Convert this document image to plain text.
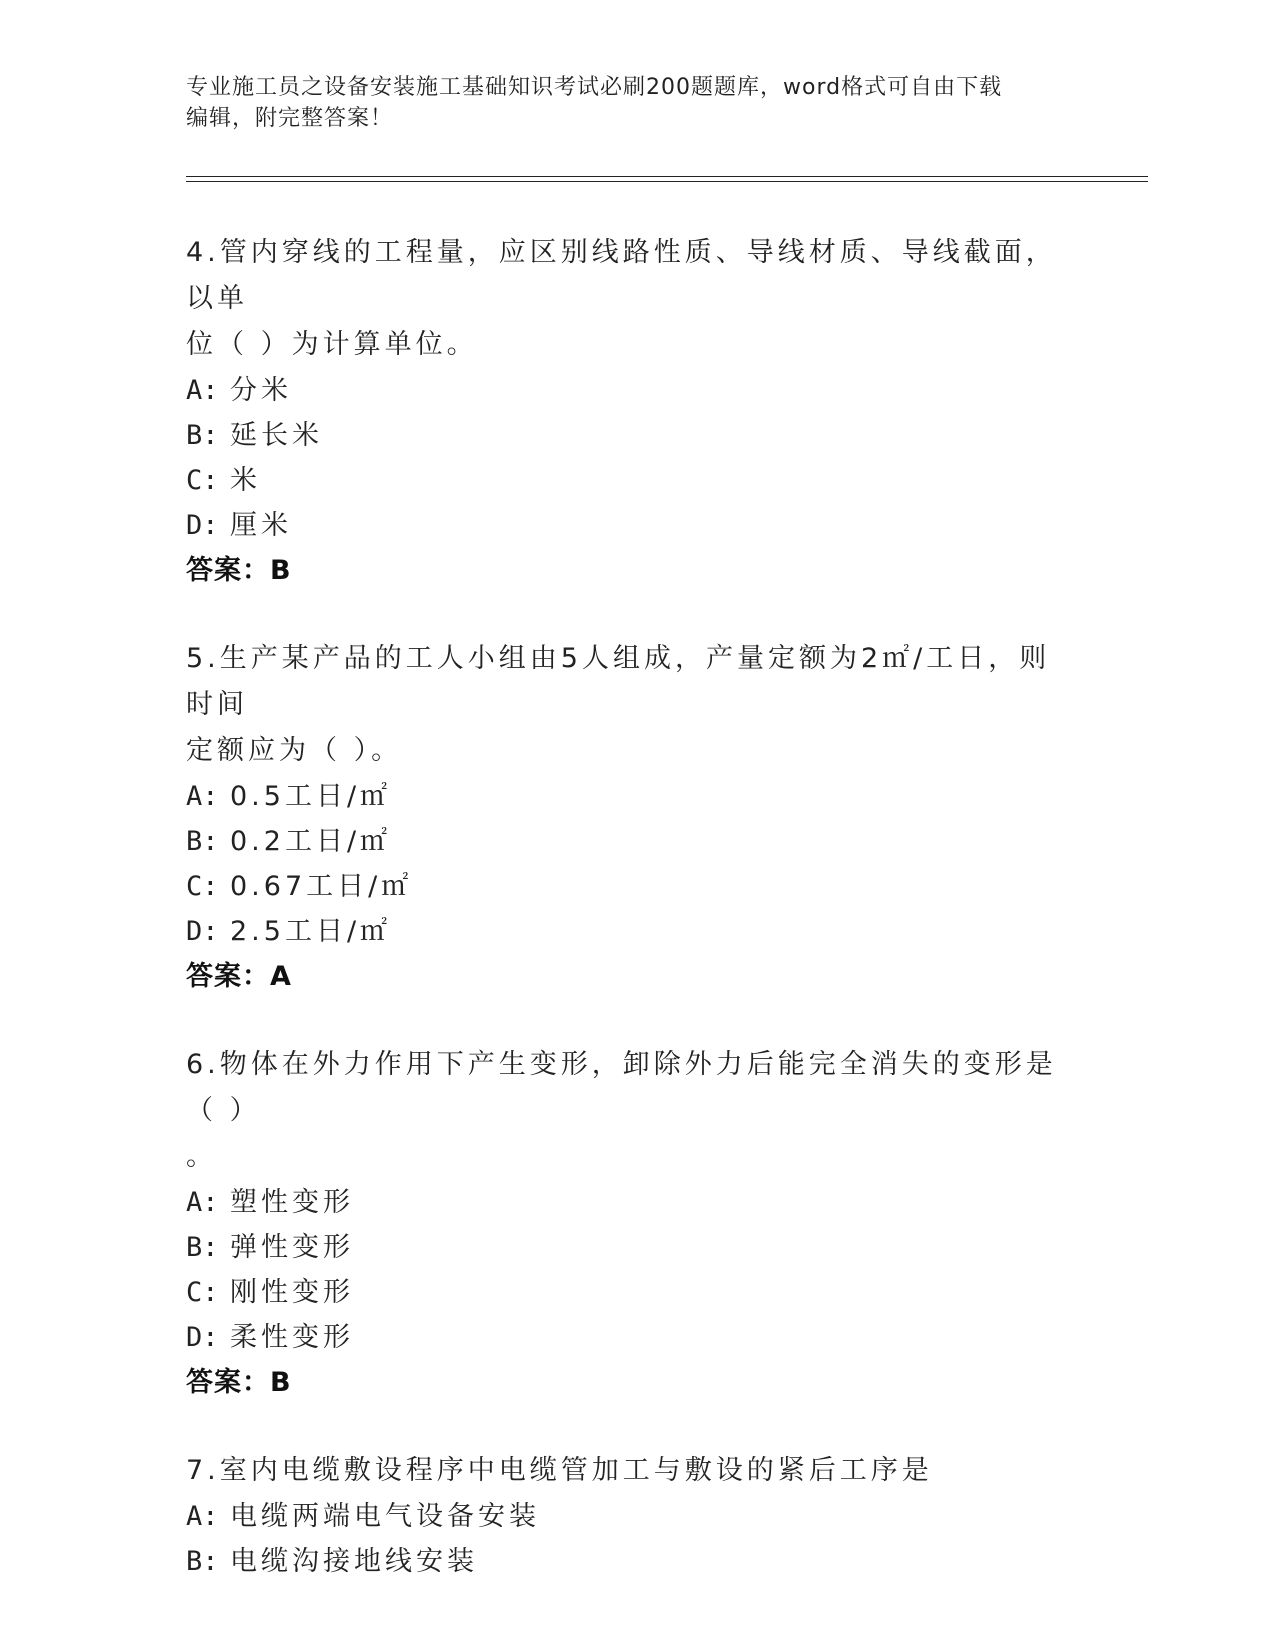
专业施工员之设备安装施工基础知识考试必刷200题题库，word格式可自由下载
编辑，附完整答案！
4.管内穿线的工程量，应区别线路性质、导线材质、导线截面，以单
位（ ）为计算单位。
A: 分米
B: 延长米
C: 米
D: 厘米
答案：B
5.生产某产品的工人小组由5人组成，产量定额为2㎡/工日，则时间
定额应为（ ）。
A: 0.5工日/㎡
B: 0.2工日/㎡
C: 0.67工日/㎡
D: 2.5工日/㎡
答案：A
6.物体在外力作用下产生变形，卸除外力后能完全消失的变形是（ ）
。
A: 塑性变形
B: 弹性变形
C: 刚性变形
D: 柔性变形
答案：B
7.室内电缆敷设程序中电缆管加工与敷设的紧后工序是
A: 电缆两端电气设备安装
B: 电缆沟接地线安装
